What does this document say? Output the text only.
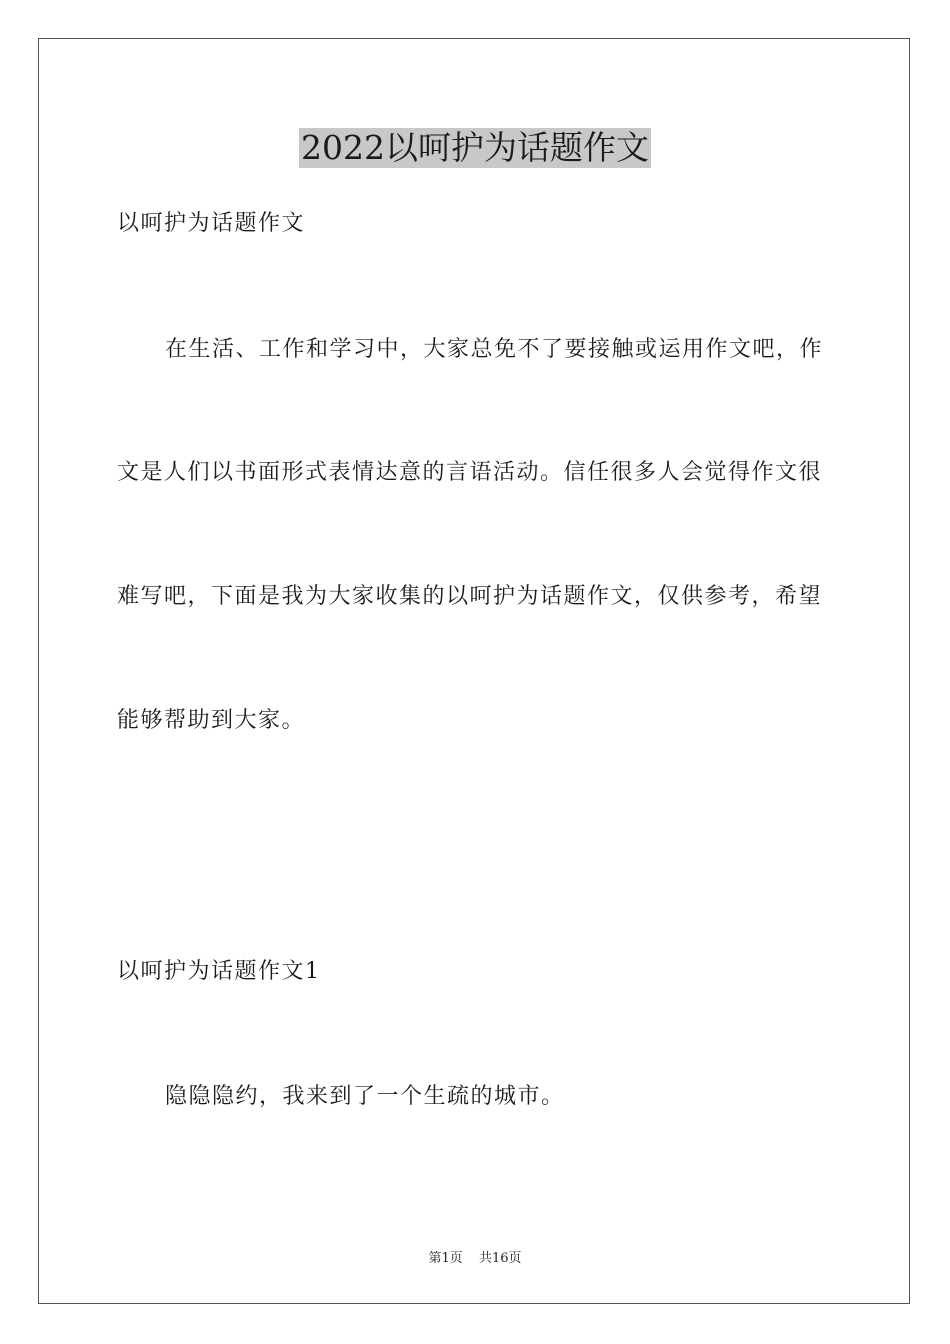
2022以呵护为话题作文
以呵护为话题作文
在生活、工作和学习中，大家总免不了要接触或运用作文吧，作
文是人们以书面形式表情达意的言语活动。信任很多人会觉得作文很
难写吧，下面是我为大家收集的以呵护为话题作文，仅供参考，希望
能够帮助到大家。
以呵护为话题作文1
隐隐隐约，我来到了一个生疏的城市。
第1页 共16页
